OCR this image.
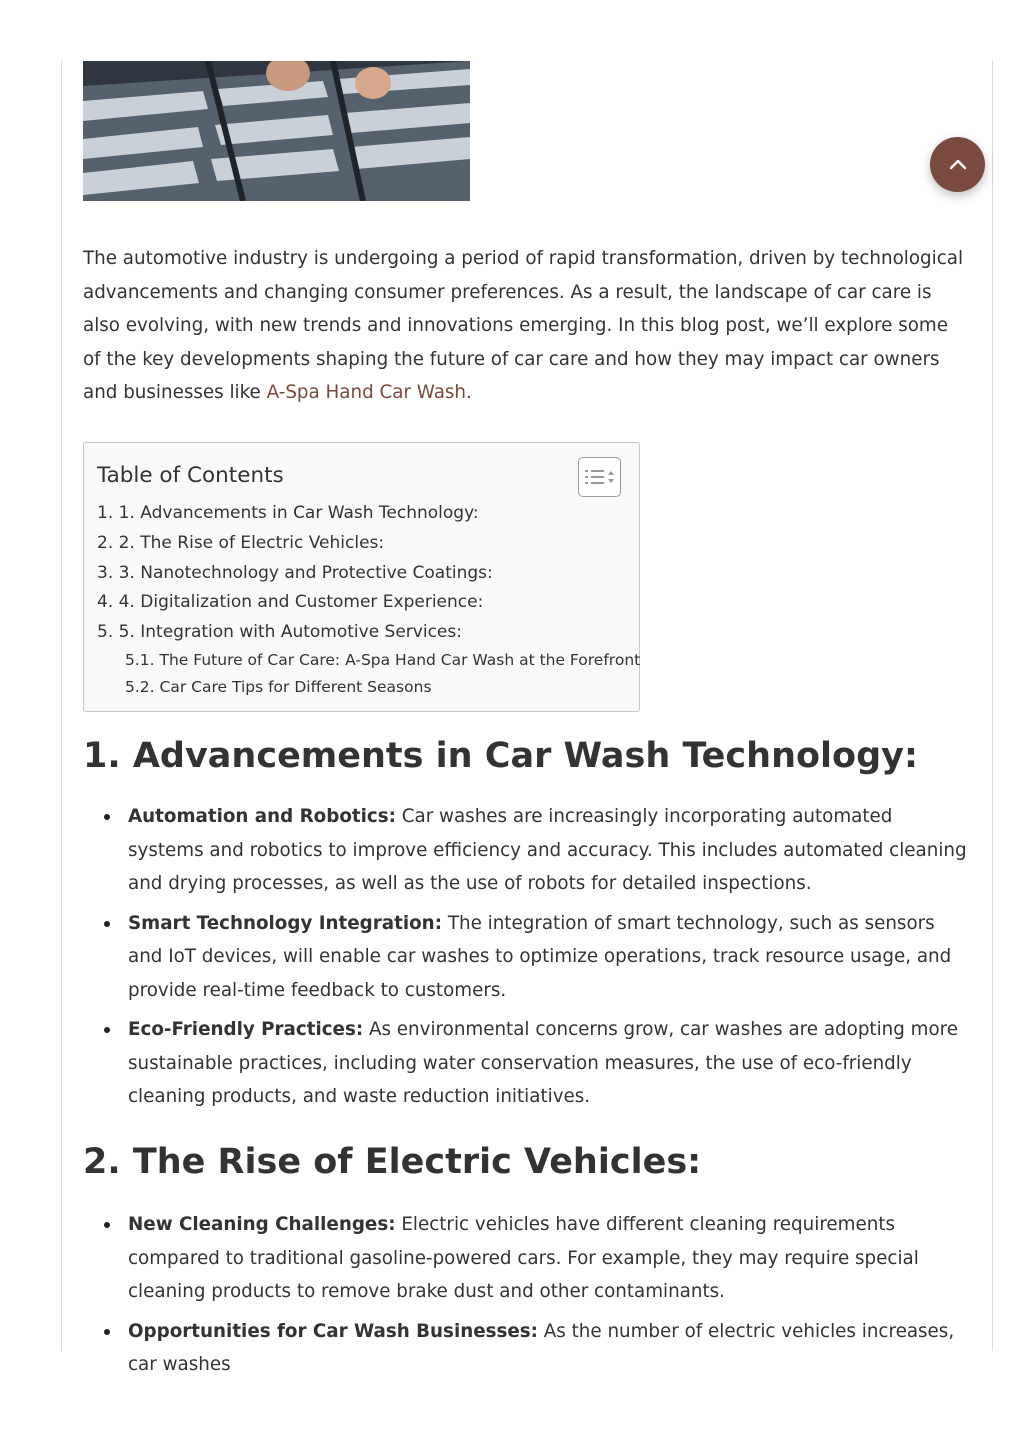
The automotive industry is undergoing a period of rapid transformation, driven by technological advancements and changing consumer preferences. As a result, the landscape of car care is also evolving, with new trends and innovations emerging. In this blog post, we’ll explore some of the key developments shaping the future of car care and how they may impact car owners and businesses like A-Spa Hand Car Wash.

Table of Contents
1. 1. Advancements in Car Wash Technology:
2. 2. The Rise of Electric Vehicles:
3. 3. Nanotechnology and Protective Coatings:
4. 4. Digitalization and Customer Experience:
5. 5. Integration with Automotive Services:
5.1. The Future of Car Care: A-Spa Hand Car Wash at the Forefront
5.2. Car Care Tips for Different Seasons
1. Advancements in Car Wash Technology:
Automation and Robotics: Car washes are increasingly incorporating automated systems and robotics to improve efficiency and accuracy. This includes automated cleaning and drying processes, as well as the use of robots for detailed inspections.
Smart Technology Integration: The integration of smart technology, such as sensors and IoT devices, will enable car washes to optimize operations, track resource usage, and provide real-time feedback to customers.
Eco-Friendly Practices: As environmental concerns grow, car washes are adopting more sustainable practices, including water conservation measures, the use of eco-friendly cleaning products, and waste reduction initiatives.
2. The Rise of Electric Vehicles:
New Cleaning Challenges: Electric vehicles have different cleaning requirements compared to traditional gasoline-powered cars. For example, they may require special cleaning products to remove brake dust and other contaminants.
Opportunities for Car Wash Businesses: As the number of electric vehicles increases, car washes
